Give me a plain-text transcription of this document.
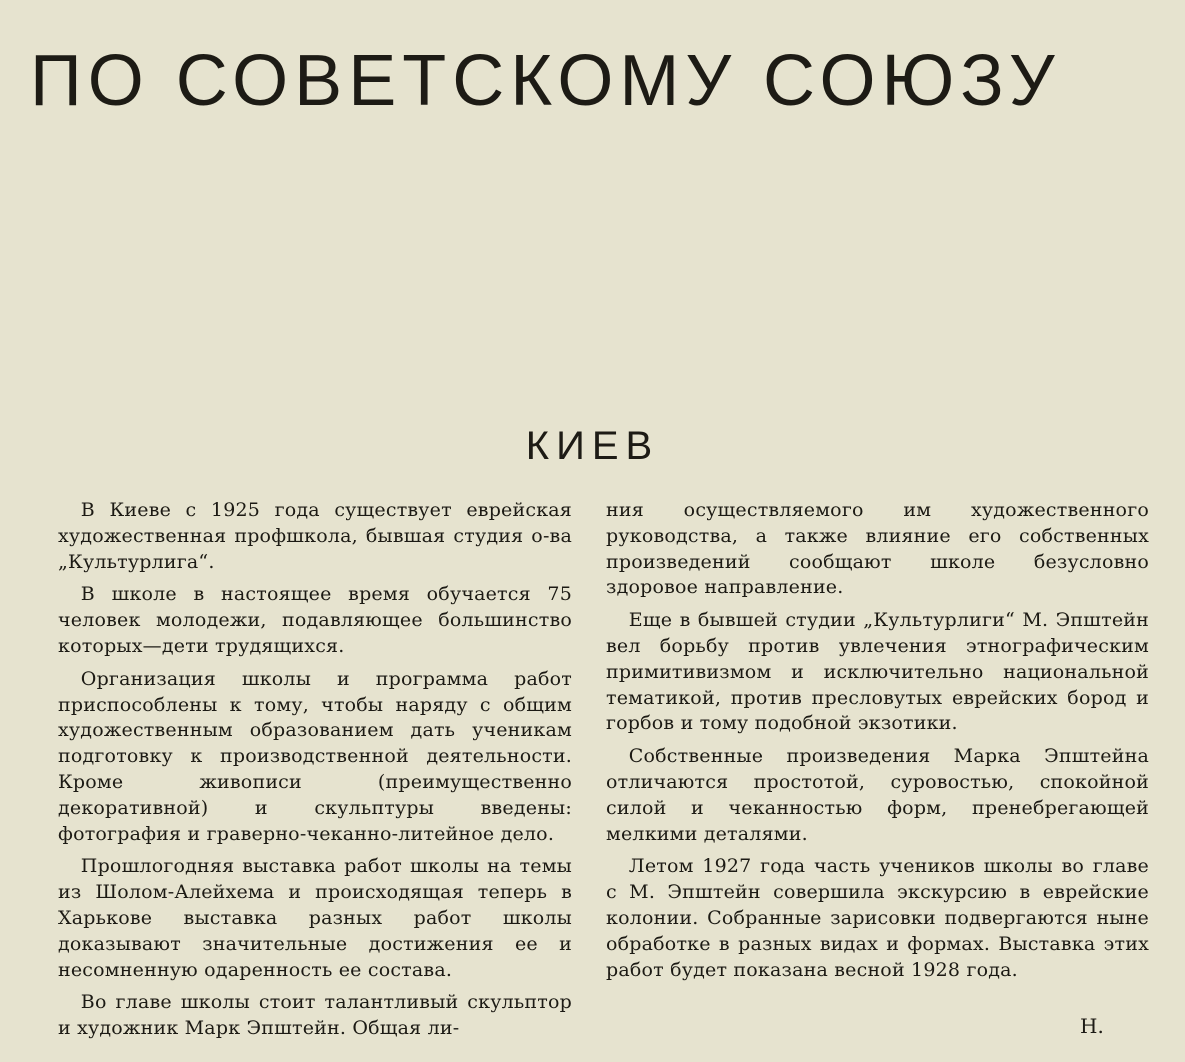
ПО СОВЕТСКОМУ СОЮЗУ
КИЕВ

В Киеве с 1925 года существует еврейская художественная профшкола, бывшая студия о-ва „Культурлига“.

В школе в настоящее время обучается 75 человек молодежи, подавляющее большинство которых—дети трудящихся.

Организация школы и программа работ приспособлены к тому, чтобы наряду с общим художественным образованием дать ученикам подготовку к производственной деятельности. Кроме живописи (преимущественно декоративной) и скульптуры введены: фотография и граверно-чеканно-литейное дело.

Прошлогодняя выставка работ школы на темы из Шолом-Алейхема и происходящая теперь в Харькове выставка разных работ школы доказывают значительные достижения ее и несомненную одаренность ее состава.

Во главе школы стоит талантливый скульптор и художник Марк Эпштейн. Общая ли-

ния осуществляемого им художественного руководства, а также влияние его собственных произведений сообщают школе безусловно здоровое направление.

Еще в бывшей студии „Культурлиги“ М. Эпштейн вел борьбу против увлечения этнографическим примитивизмом и исключительно национальной тематикой, против пресловутых еврейских бород и горбов и тому подобной экзотики.

Собственные произведения Марка Эпштейна отличаются простотой, суровостью, спокойной силой и чеканностью форм, пренебрегающей мелкими деталями.

Летом 1927 года часть учеников школы во главе с М. Эпштейн совершила экскурсию в еврейские колонии. Собранные зарисовки подвергаются ныне обработке в разных видах и формах. Выставка этих работ будет показана весной 1928 года.

Н.
